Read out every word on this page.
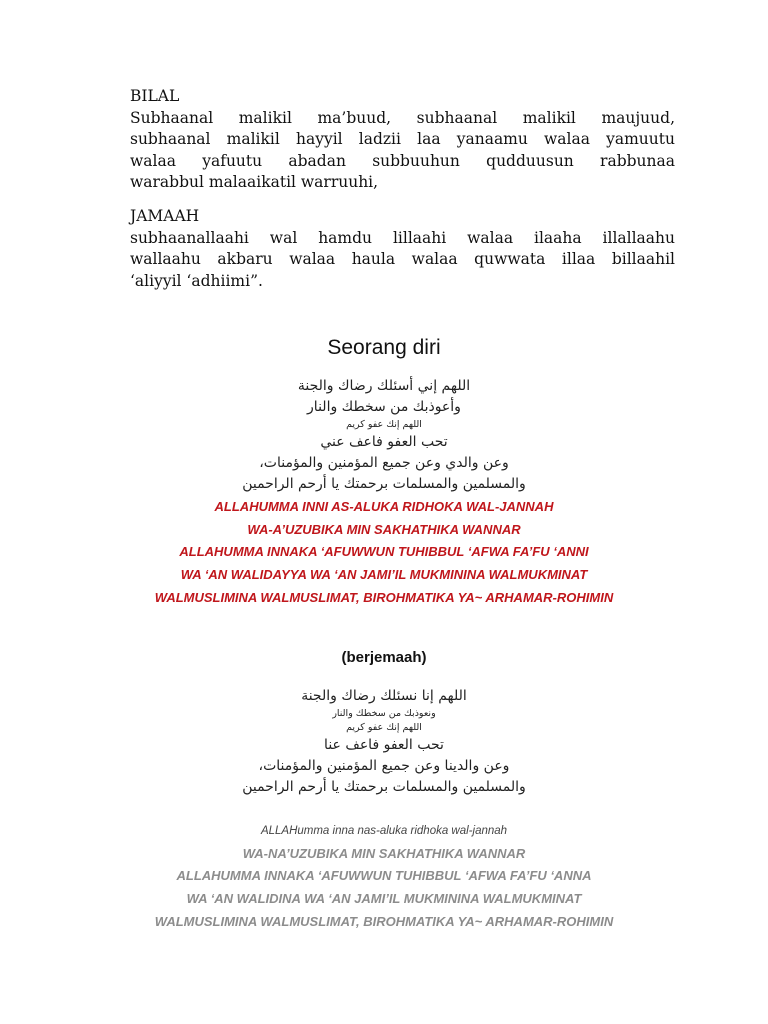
BILAL
Subhaanal malikil ma’buud, subhaanal malikil maujuud,
subhaanal malikil hayyil ladzii laa yanaamu walaa yamuutu
walaa yafuutu abadan subbuuhun qudduusun rabbunaa
warabbul malaaikatil warruuhi,
JAMAAH
subhaanallaahi wal hamdu lillaahi walaa ilaaha illallaahu
wallaahu akbaru walaa haula walaa quwwata illaa billaahil
‘aliyyil ‘adhiimi”.
Seorang diri
اللهم إني أسئلك رضاك والجنة
وأعوذبك من سخطك والنار
اللهم إنك عفو كريم
تحب العفو فاعف عني
وعن والدي وعن جميع المؤمنين والمؤمنات،
والمسلمين والمسلمات برحمتك يا أرحم الراحمين
ALLAHUMMA INNI AS-ALUKA RIDHOKA WAL-JANNAH
WA-A’UZUBIKA MIN SAKHATHIKA WANNAR
ALLAHUMMA INNAKA ‘AFUWWUN TUHIBBUL ‘AFWA FA’FU ‘ANNI
WA ‘AN WALIDAYYA WA ‘AN JAMI’IL MUKMININA WALMUKMINAT
WALMUSLIMINA WALMUSLIMAT, BIROHMATIKA YA~ ARHAMAR-ROHIMIN
(berjemaah)
اللهم إنا نسئلك رضاك والجنة
ونعوذبك من سخطك والنار
اللهم إنك عفو كريم
تحب العفو فاعف عنا
وعن والدينا وعن جميع المؤمنين والمؤمنات،
والمسلمين والمسلمات برحمتك يا أرحم الراحمين
ALLAHumma inna nas-aluka ridhoka wal-jannah
WA-NA’UZUBIKA MIN SAKHATHIKA WANNAR
ALLAHUMMA INNAKA ‘AFUWWUN TUHIBBUL ‘AFWA FA’FU ‘ANNA
WA ‘AN WALIDINA WA ‘AN JAMI’IL MUKMININA WALMUKMINAT
WALMUSLIMINA WALMUSLIMAT, BIROHMATIKA YA~ ARHAMAR-ROHIMIN
